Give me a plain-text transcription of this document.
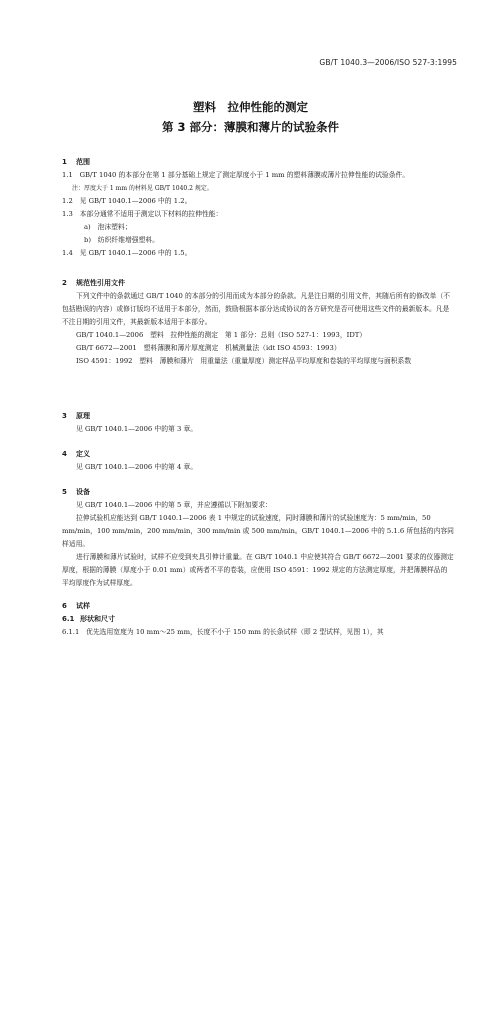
GB/T 1040.3—2006/ISO 527-3:1995
塑料　拉伸性能的测定
第 3 部分：薄膜和薄片的试验条件
1 范围

1.1　GB/T 1040 的本部分在第 1 部分基础上规定了测定厚度小于 1 mm 的塑料薄膜或薄片拉伸性能的试验条件。

注：厚度大于 1 mm 的材料见 GB/T 1040.2 规定。

1.2　见 GB/T 1040.1—2006 中的 1.2。

1.3　本部分通常不适用于测定以下材料的拉伸性能：

a)　泡沫塑料；

b)　纺织纤维增强塑料。

1.4　见 GB/T 1040.1—2006 中的 1.5。

2 规范性引用文件

下列文件中的条款通过 GB/T 1040 的本部分的引用而成为本部分的条款。凡是注日期的引用文件，其随后所有的修改单（不包括勘误的内容）或修订版均不适用于本部分，然而，鼓励根据本部分达成协议的各方研究是否可使用这些文件的最新版本。凡是不注日期的引用文件，其最新版本适用于本部分。

GB/T 1040.1—2006　塑料　拉伸性能的测定　第 1 部分：总则（ISO 527-1：1993，IDT）

GB/T 6672—2001　塑料薄膜和薄片厚度测定　机械测量法（idt ISO 4593：1993）

ISO 4591：1992　塑料　薄膜和薄片　用重量法（重量厚度）测定样品平均厚度和卷装的平均厚度与面积系数

3 原理

见 GB/T 1040.1—2006 中的第 3 章。

4 定义

见 GB/T 1040.1—2006 中的第 4 章。

5 设备

见 GB/T 1040.1—2006 中的第 5 章，并应遵循以下附加要求：

拉伸试验机应能达到 GB/T 1040.1—2006 表 1 中规定的试验速度，同时薄膜和薄片的试验速度为：5 mm/min，50 mm/min，100 mm/min，200 mm/min，300 mm/min 或 500 mm/min。GB/T 1040.1—2006 中的 5.1.6 所包括的内容同样适用。

进行薄膜和薄片试验时，试样不应受到夹具引伸计重量。在 GB/T 1040.1 中应使其符合 GB/T 6672—2001 要求的仪器测定厚度，根据的薄膜（厚度小于 0.01 mm）或两者不平的卷装，应使用 ISO 4591：1992 规定的方法测定厚度，并把薄膜样品的平均厚度作为试样厚度。

6 试样
6.1 形状和尺寸

6.1.1　优先选用宽度为 10 mm～25 mm，长度不小于 150 mm 的长条试样（即 2 型试样，见图 1），其
